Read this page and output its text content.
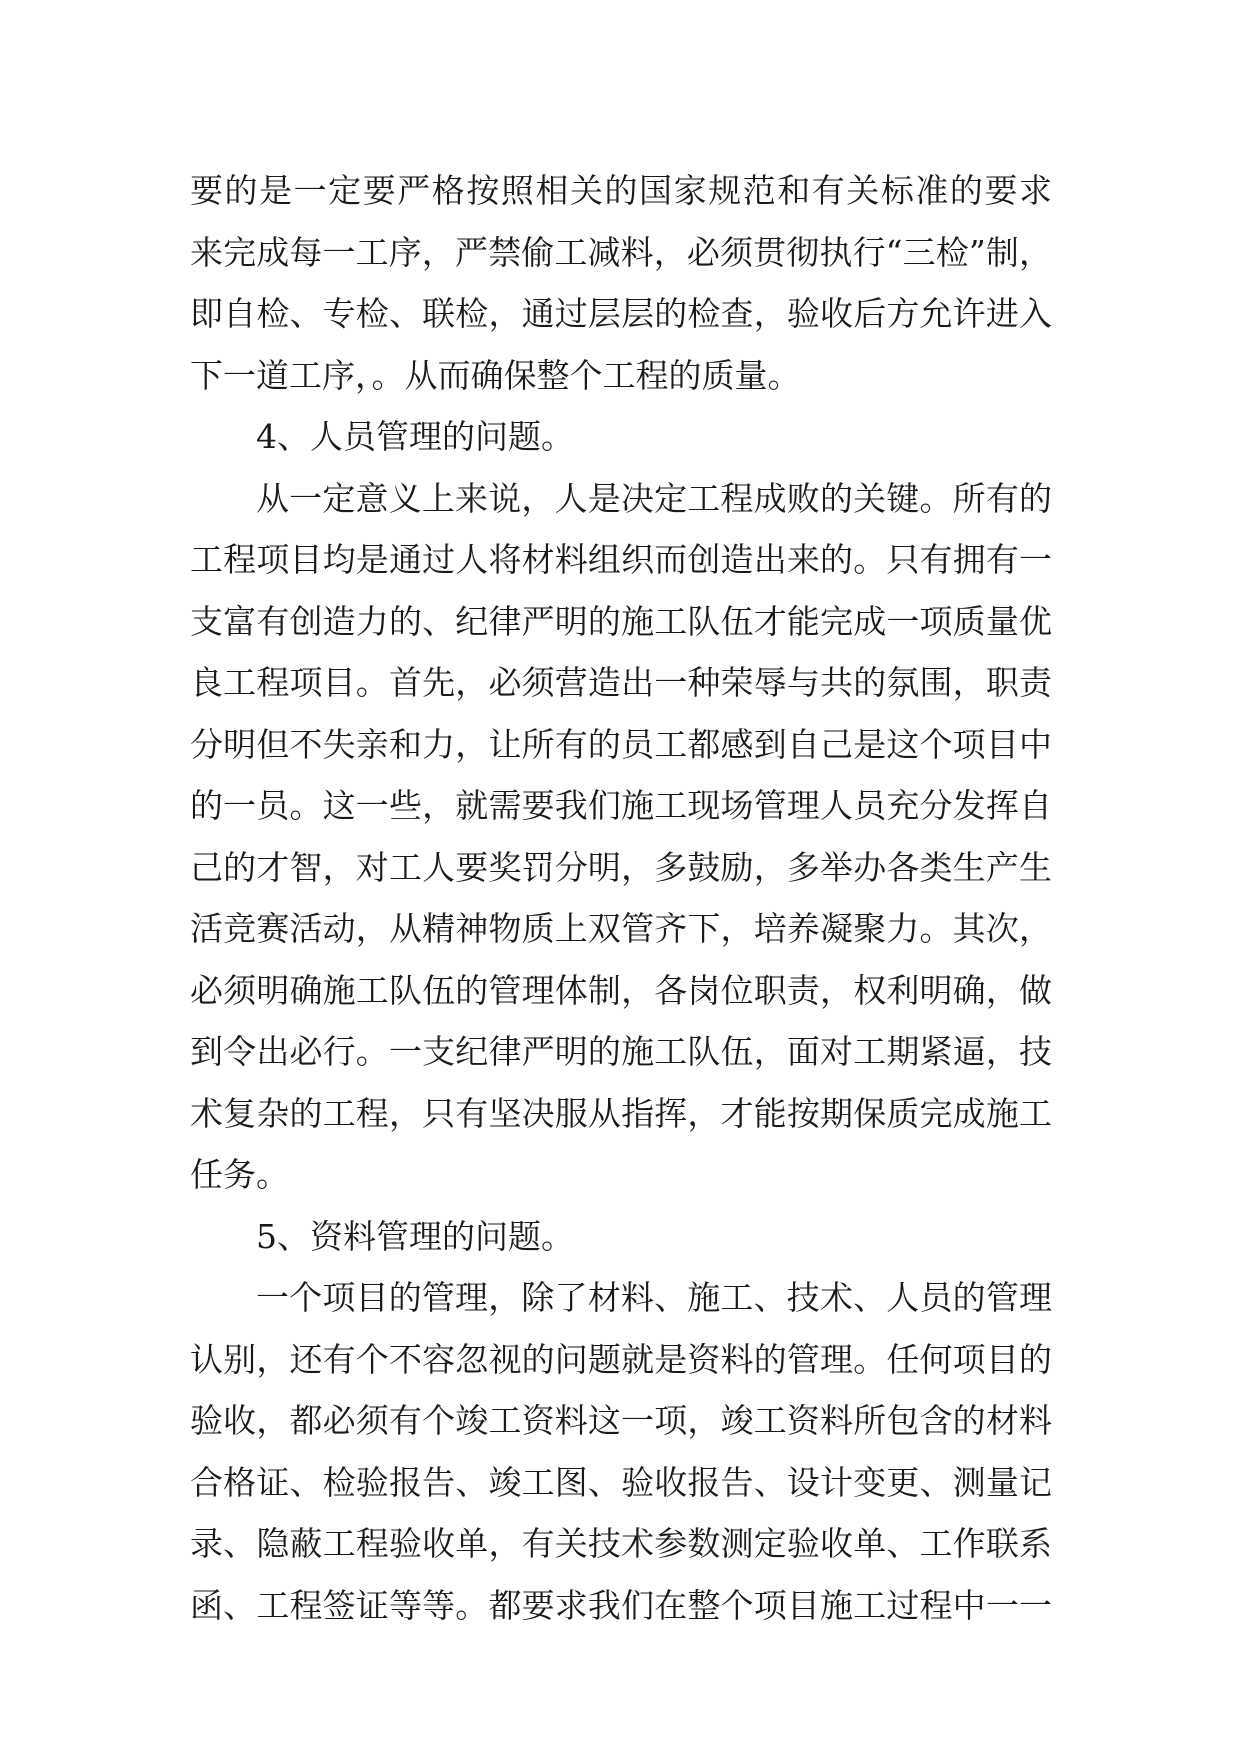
要的是一定要严格按照相关的国家规范和有关标准的要求
来完成每一工序，严禁偷工减料，必须贯彻执行“三检”制，
即自检、专检、联检，通过层层的检查，验收后方允许进入
下一道工序，。从而确保整个工程的质量。
4、人员管理的问题。
从一定意义上来说，人是决定工程成败的关键。所有的
工程项目均是通过人将材料组织而创造出来的。只有拥有一
支富有创造力的、纪律严明的施工队伍才能完成一项质量优
良工程项目。首先，必须营造出一种荣辱与共的氛围，职责
分明但不失亲和力，让所有的员工都感到自己是这个项目中
的一员。这一些，就需要我们施工现场管理人员充分发挥自
己的才智，对工人要奖罚分明，多鼓励，多举办各类生产生
活竞赛活动，从精神物质上双管齐下，培养凝聚力。其次，
必须明确施工队伍的管理体制，各岗位职责，权利明确，做
到令出必行。一支纪律严明的施工队伍，面对工期紧逼，技
术复杂的工程，只有坚决服从指挥，才能按期保质完成施工
任务。
5、资料管理的问题。
一个项目的管理，除了材料、施工、技术、人员的管理
认别，还有个不容忽视的问题就是资料的管理。任何项目的
验收，都必须有个竣工资料这一项，竣工资料所包含的材料
合格证、检验报告、竣工图、验收报告、设计变更、测量记
录、隐蔽工程验收单，有关技术参数测定验收单、工作联系
函、工程签证等等。都要求我们在整个项目施工过程中一一
